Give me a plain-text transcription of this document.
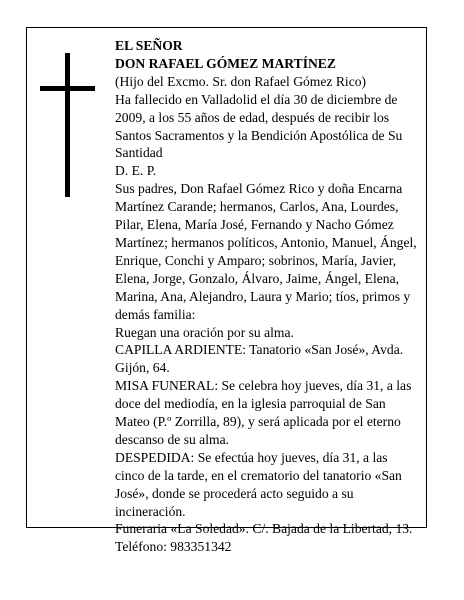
EL SEÑOR

DON RAFAEL GÓMEZ MARTÍNEZ

(Hijo del Excmo. Sr. don Rafael Gómez Rico)

Ha fallecido en Valladolid el día 30 de diciembre de 2009, a los 55 años de edad, después de recibir los Santos Sacramentos y la Bendición Apostólica de Su Santidad

D. E. P.

Sus padres, Don Rafael Gómez Rico y doña Encarna Martínez Carande; hermanos, Carlos, Ana, Lourdes, Pilar, Elena, María José, Fernando y Nacho Gómez Martínez; hermanos políticos, Antonio, Manuel, Ángel, Enrique, Conchi y Amparo; sobrinos, María, Javier, Elena, Jorge, Gonzalo, Álvaro, Jaime, Ángel, Elena, Marina, Ana, Alejandro, Laura y Mario; tíos, primos y demás familia:

Ruegan una oración por su alma.

CAPILLA ARDIENTE: Tanatorio «San José», Avda. Gijón, 64.

MISA FUNERAL: Se celebra hoy jueves, día 31, a las doce del mediodía, en la iglesia parroquial de San Mateo (P.º Zorrilla, 89), y será aplicada por el eterno descanso de su alma.

DESPEDIDA: Se efectúa hoy jueves, día 31, a las cinco de la tarde, en el crematorio del tanatorio «San José», donde se procederá acto seguido a su incineración.

Funeraria «La Soledad». C/. Bajada de la Libertad, 13.

Teléfono: 983351342
